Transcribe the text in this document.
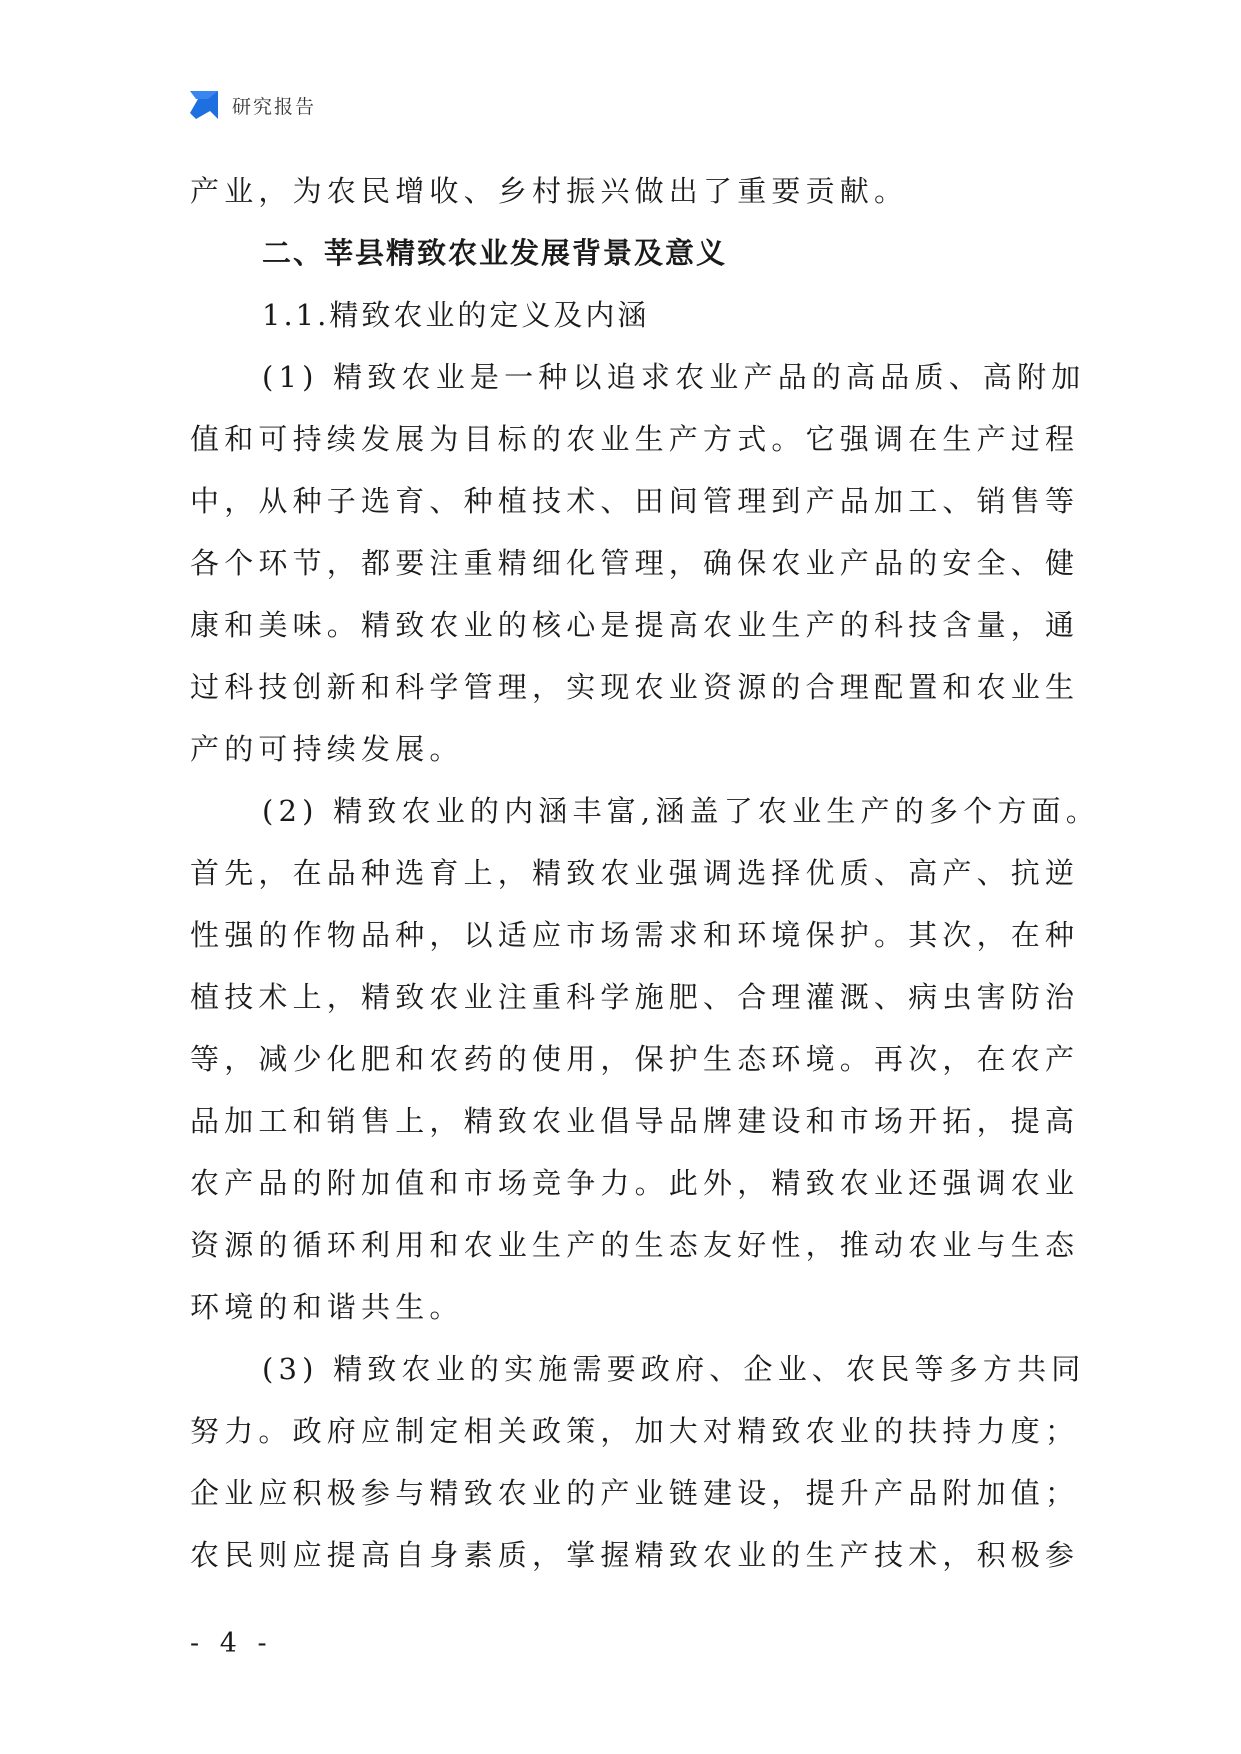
研究报告
产业，为农民增收、乡村振兴做出了重要贡献。
二、莘县精致农业发展背景及意义
1.1.精致农业的定义及内涵
(1) 精致农业是一种以追求农业产品的高品质、高附加
值和可持续发展为目标的农业生产方式。它强调在生产过程
中，从种子选育、种植技术、田间管理到产品加工、销售等
各个环节，都要注重精细化管理，确保农业产品的安全、健
康和美味。精致农业的核心是提高农业生产的科技含量，通
过科技创新和科学管理，实现农业资源的合理配置和农业生
产的可持续发展。
(2) 精致农业的内涵丰富,涵盖了农业生产的多个方面。
首先，在品种选育上，精致农业强调选择优质、高产、抗逆
性强的作物品种，以适应市场需求和环境保护。其次，在种
植技术上，精致农业注重科学施肥、合理灌溉、病虫害防治
等，减少化肥和农药的使用，保护生态环境。再次，在农产
品加工和销售上，精致农业倡导品牌建设和市场开拓，提高
农产品的附加值和市场竞争力。此外，精致农业还强调农业
资源的循环利用和农业生产的生态友好性，推动农业与生态
环境的和谐共生。
(3) 精致农业的实施需要政府、企业、农民等多方共同
努力。政府应制定相关政策，加大对精致农业的扶持力度；
企业应积极参与精致农业的产业链建设，提升产品附加值；
农民则应提高自身素质，掌握精致农业的生产技术，积极参
- 4 -
